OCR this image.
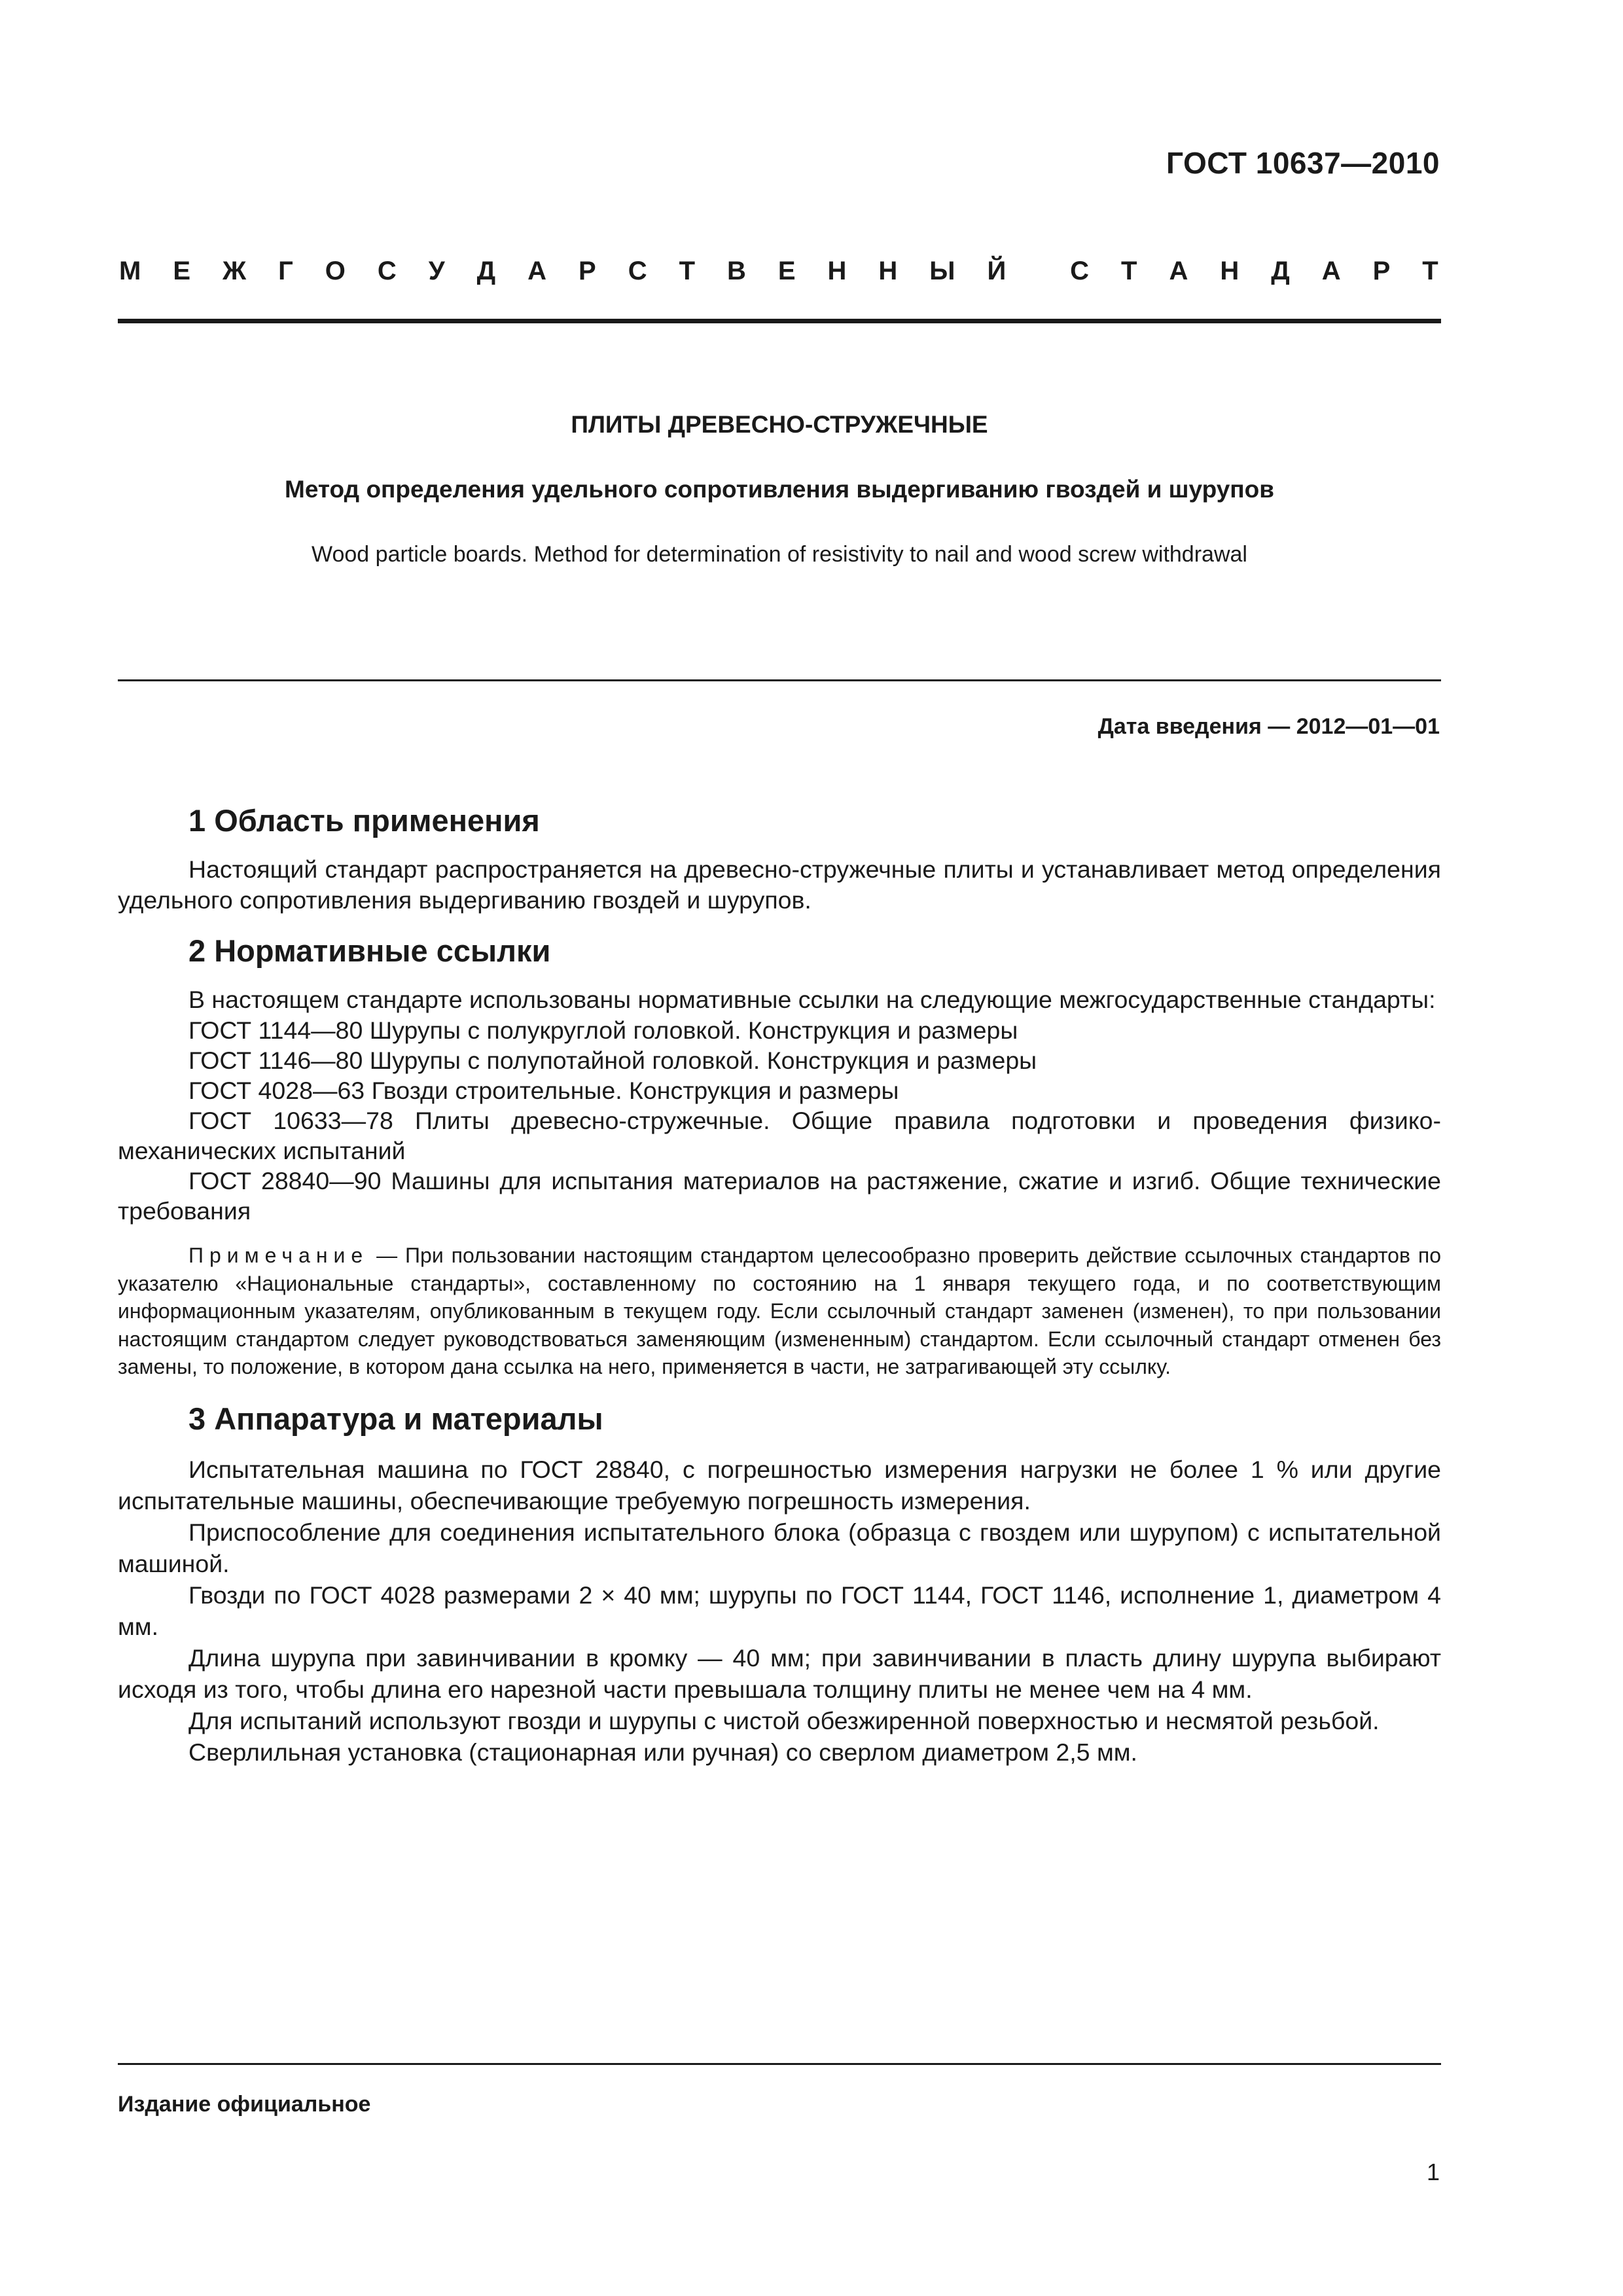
ГОСТ 10637—2010
М Е Ж Г О С У Д А Р С Т В Е Н Н Ы Й С Т А Н Д А Р Т
ПЛИТЫ ДРЕВЕСНО-СТРУЖЕЧНЫЕ
Метод определения удельного сопротивления выдергиванию гвоздей и шурупов
Wood particle boards. Method for determination of resistivity to nail and wood screw withdrawal
Дата введения — 2012—01—01
1 Область применения

Настоящий стандарт распространяется на древесно-стружечные плиты и устанавливает метод определения удельного сопротивления выдергиванию гвоздей и шурупов.

2 Нормативные ссылки

В настоящем стандарте использованы нормативные ссылки на следующие межгосударственные стандарты:

ГОСТ 1144—80 Шурупы с полукруглой головкой. Конструкция и размеры

ГОСТ 1146—80 Шурупы с полупотайной головкой. Конструкция и размеры

ГОСТ 4028—63 Гвозди строительные. Конструкция и размеры

ГОСТ 10633—78 Плиты древесно-стружечные. Общие правила подготовки и проведения физико-механических испытаний

ГОСТ 28840—90 Машины для испытания материалов на растяжение, сжатие и изгиб. Общие технические требования

Примечание — При пользовании настоящим стандартом целесообразно проверить действие ссылочных стандартов по указателю «Национальные стандарты», составленному по состоянию на 1 января текущего года, и по соответствующим информационным указателям, опубликованным в текущем году. Если ссылочный стандарт заменен (изменен), то при пользовании настоящим стандартом следует руководствоваться заменяющим (измененным) стандартом. Если ссылочный стандарт отменен без замены, то положение, в котором дана ссылка на него, применяется в части, не затрагивающей эту ссылку.
3 Аппаратура и материалы

Испытательная машина по ГОСТ 28840, с погрешностью измерения нагрузки не более 1 % или другие испытательные машины, обеспечивающие требуемую погрешность измерения.

Приспособление для соединения испытательного блока (образца с гвоздем или шурупом) с испытательной машиной.

Гвозди по ГОСТ 4028 размерами 2 × 40 мм; шурупы по ГОСТ 1144, ГОСТ 1146, исполнение 1, диаметром 4 мм.

Длина шурупа при завинчивании в кромку — 40 мм; при завинчивании в пласть длину шурупа выбирают исходя из того, чтобы длина его нарезной части превышала толщину плиты не менее чем на 4 мм.

Для испытаний используют гвозди и шурупы с чистой обезжиренной поверхностью и несмятой резьбой.

Сверлильная установка (стационарная или ручная) со сверлом диаметром 2,5 мм.

Издание официальное
1
